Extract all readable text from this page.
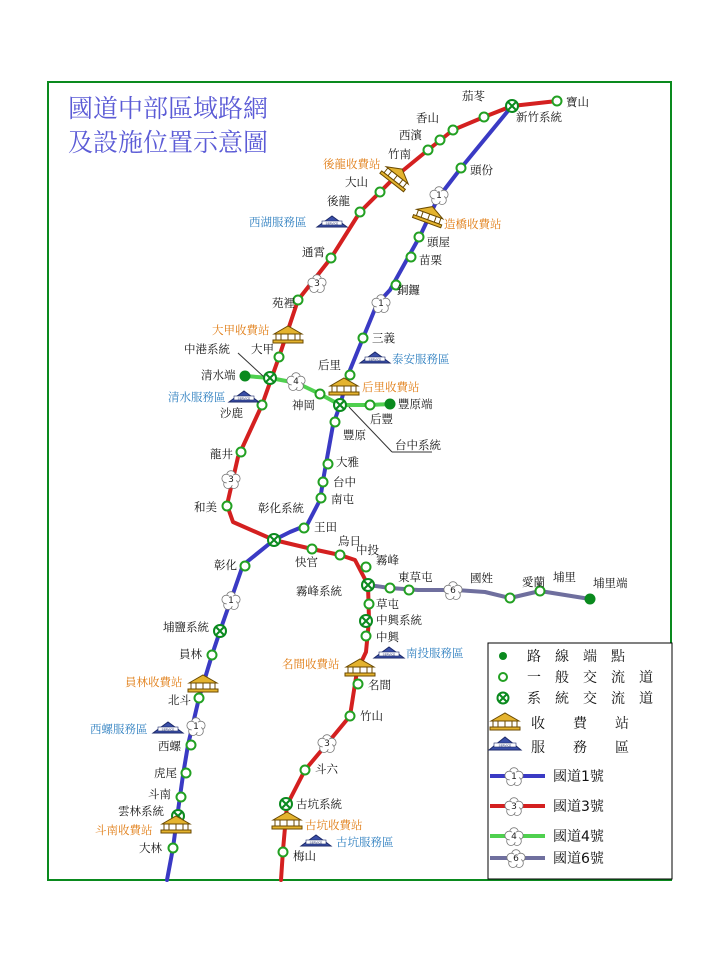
國道中部區域路網
及設施位置示意圖
1
1
1
1
3
3
3
4
6
SERVICE
SERVICE
SERVICE
SERVICE
SERVICE
SERVICE
寶山
新竹系統
茄苳
香山
西濱
竹南
大山
後龍
通霄
苑裡
大甲
清水端
沙鹿
龍井
和美	彰化系統
快官
烏日
霧峰
霧峰系統
草屯
中興系統
中興
名間
竹山
斗六
古坑系統
梅山
頭份
頭屋
苗栗
銅鑼
三義
后里
豐原
大雅
台中
南屯
王田
彰化
埔鹽系統
員林
北斗
西螺
虎尾
斗南
雲林系統
大林
中港系統
神岡
后豐
豐原端
台中系統
中投
東草屯	國姓	愛蘭 埔里 埔里端
後龍收費站
造橋收費站
大甲收費站
后里收費站
員林收費站
斗南收費站
名間收費站
古坑收費站
西湖服務區
泰安服務區
清水服務區
西螺服務區
南投服務區
古坑服務區
路　線　端　點
一　般　交　流　道
系　統　交　流　道
收　　費　　站
SERVICE 服　　務　　區
1	國道1號
3	國道3號
4	國道4號
6 國道6號
